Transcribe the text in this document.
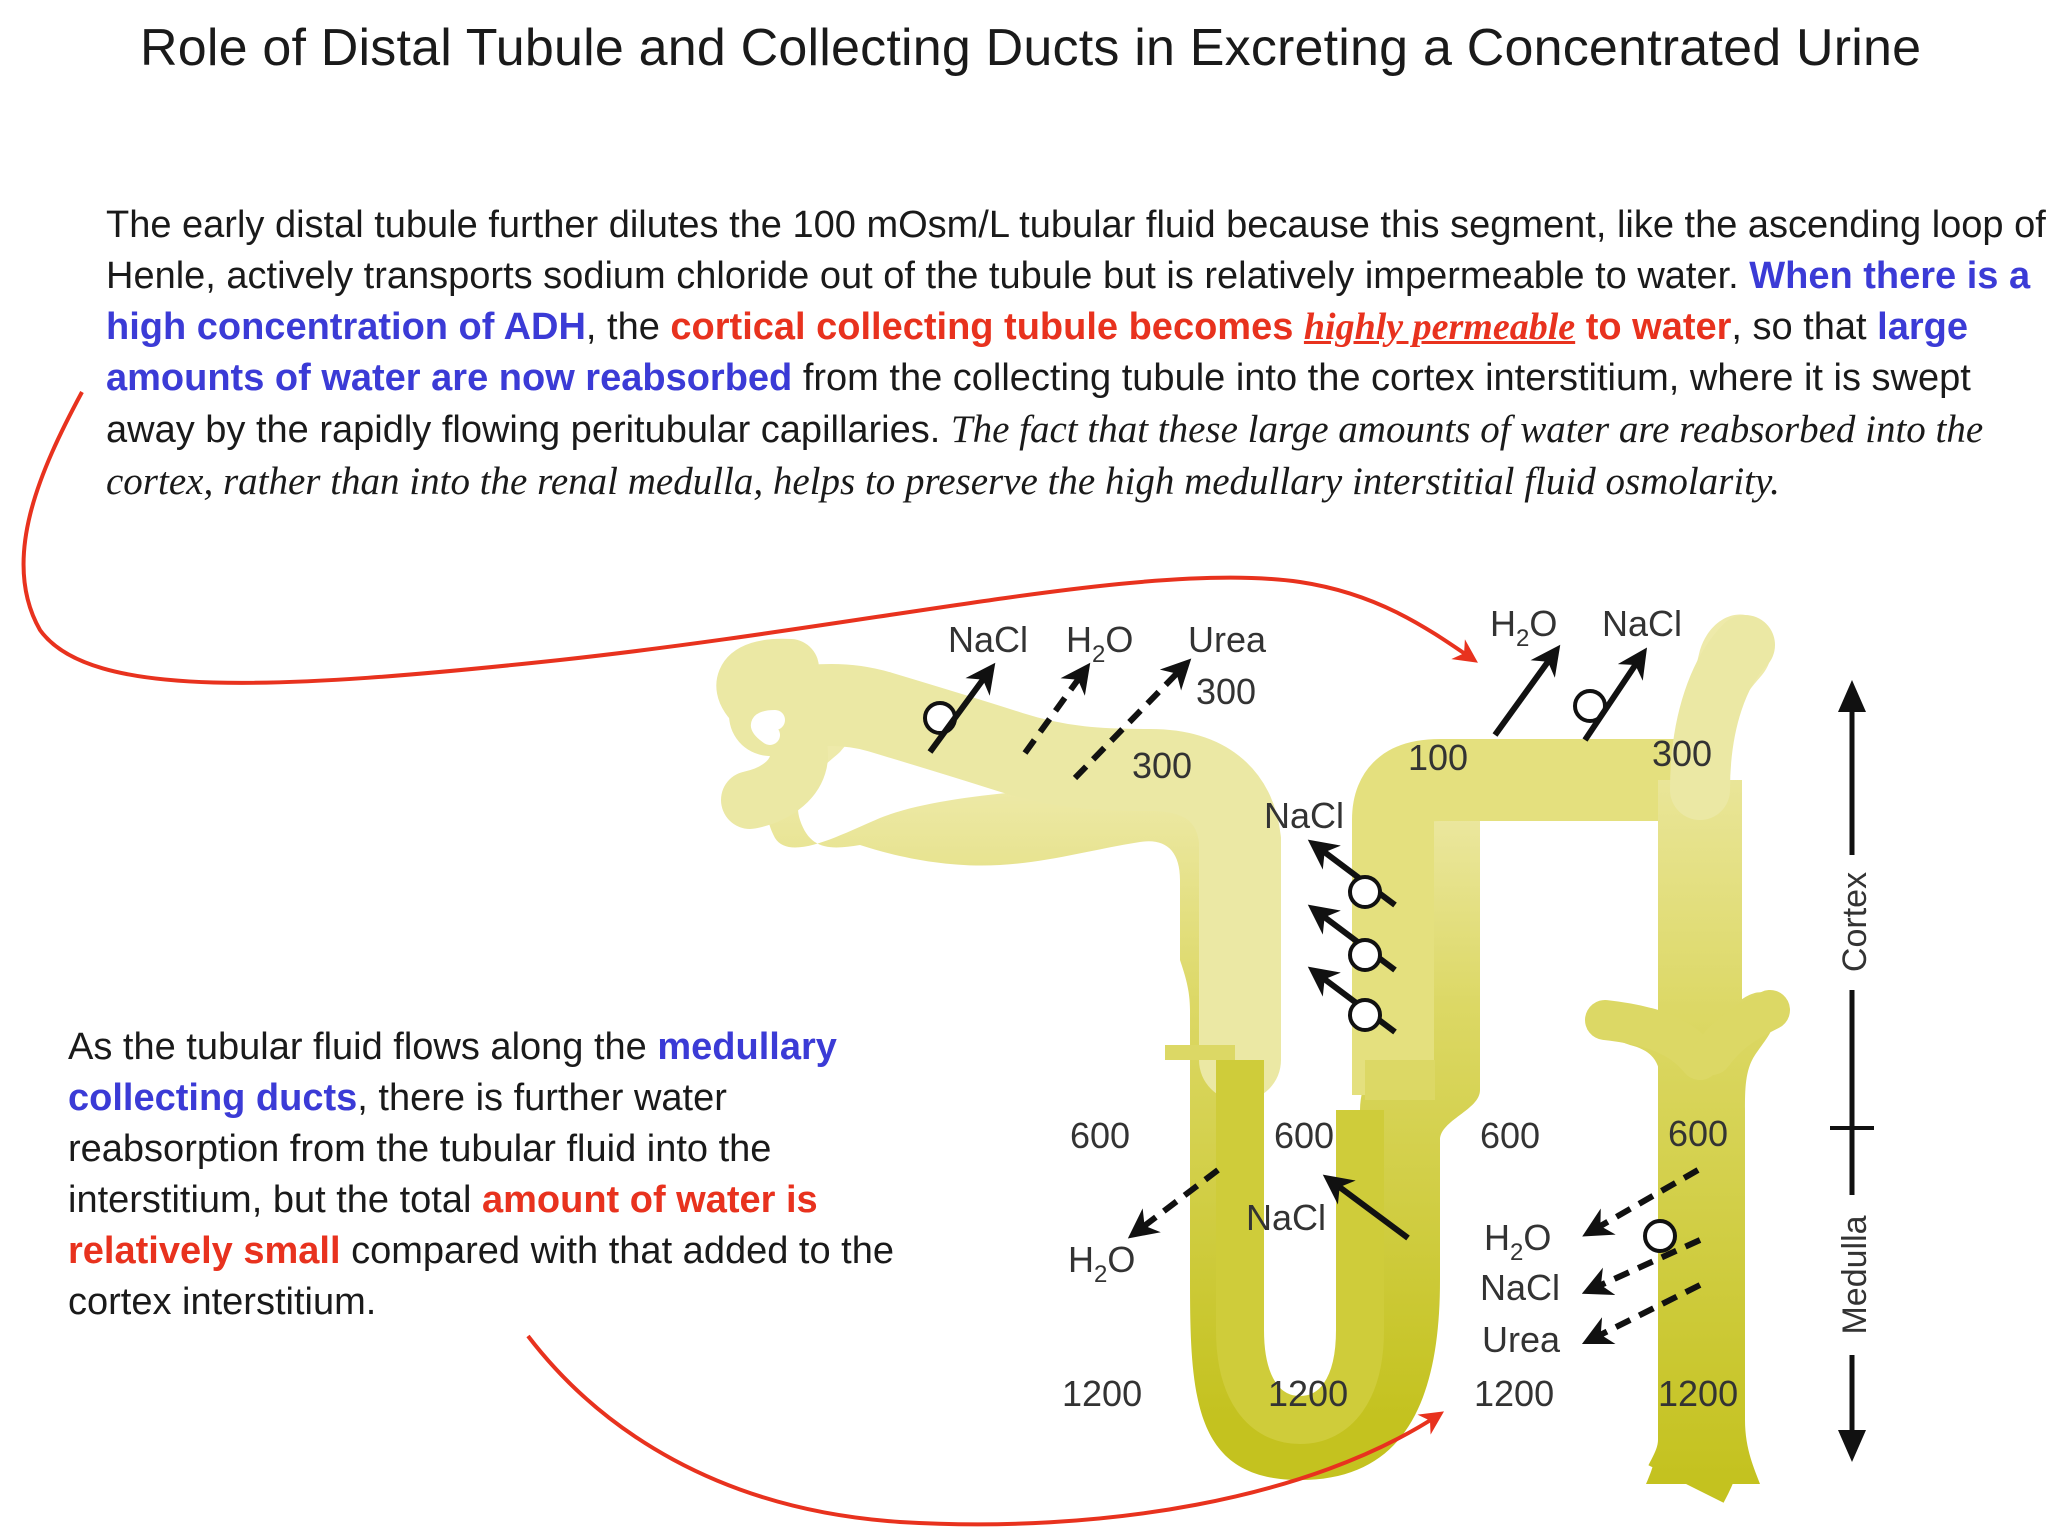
Role of Distal Tubule and Collecting Ducts in Excreting a Concentrated Urine
The early distal tubule further dilutes the 100 mOsm/L tubular fluid because this segment, like the ascending loop of Henle, actively transports sodium chloride out of the tubule but is relatively impermeable to water. When there is a high concentration of ADH, the cortical collecting tubule becomes highly permeable to water, so that large amounts of water are now reabsorbed from the collecting tubule into the cortex interstitium, where it is swept away by the rapidly flowing peritubular capillaries. The fact that these large amounts of water are reabsorbed into the cortex, rather than into the renal medulla, helps to preserve the high medullary interstitial fluid osmolarity.
As the tubular fluid flows along the medullary collecting ducts, there is further water reabsorption from the tubular fluid into the interstitium, but the total amount of water is relatively small compared with that added to the cortex interstitium.
Cortex
Medulla
NaCl $H_2O$ Urea	$H_2O$ NaCl
NaCl
NaCl
$H_2O$
$H_2O$
NaCl
Urea
300
300	100	300
600	600	600	600
1200	1200	1200	1200
